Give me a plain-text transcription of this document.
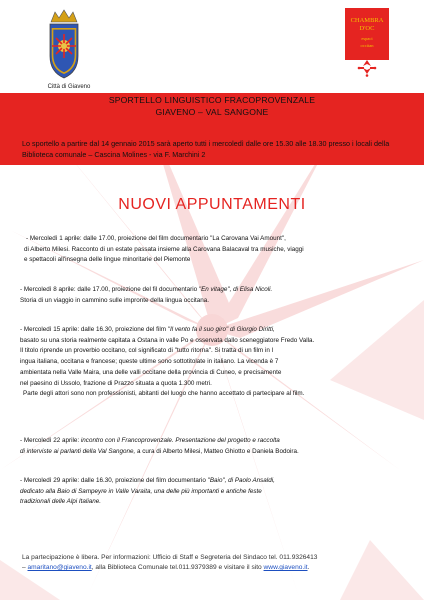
Città di Giaveno
CHAMBRA
D'OC
espaci
occitan
SPORTELLO LINGUISTICO FRACOPROVENZALE
GIAVENO – VAL SANGONE
Lo sportello a partire dal 14 gennaio 2015 sarà aperto tutti i mercoledì dalle ore 15.30 alle 18.30 presso i locali della Biblioteca comunale – Cascina Molines - via F. Marchini 2
NUOVI APPUNTAMENTI

- Mercoledì 1 aprile: dalle 17.00, proiezione del film documentario "La Carovana Vai Amount",

di Alberto Milesi. Racconto di un estate passata insieme alla Carovana Balacaval tra musiche, viaggi

e spettacoli all'insegna delle lingue minoritarie del Piemonte

- Mercoledì 8 aprile: dalle 17.00, proiezione del fil documentario "En vitage", di Elisa Nicoli.

Storia di un viaggio in cammino sulle impronte della lingua occitana.

- Mercoledì 15 aprile: dalle 16.30, proiezione del film "Il vento fa il suo giro" di Giorgio Diritti,

basato su una storia realmente capitata a Ostana in valle Po e osservata dallo sceneggiatore Fredo Valla.

Il titolo riprende un proverbio occitano, col significato di "tutto ritorna". Si tratta di un film in l

ingua italiana, occitana e francese; queste ultime sono sottotitolate in italiano. La vicenda è 7

ambientata nella Valle Maira, una delle valli occitane della provincia di Cuneo, e precisamente

nel paesino di Ussolo, frazione di Prazzo situata a quota 1.300 metri.

Parte degli attori sono non professionisti, abitanti del luogo che hanno accettato di partecipare al film.

- Mercoledì 22 aprile: incontro con il Francoprovenzale. Presentazione del progetto e raccolta

di interviste ai parlanti della Val Sangone, a cura di Alberto Milesi, Matteo Ghiotto e Daniela Bodoira.

- Mercoledì 29 aprile: dalle 16.30, proiezione del film documentario "Baio", di Paolo Ansaldi,

dedicato alla Baio di Sampeyre in Valle Varaita, una delle più importanti e antiche feste

tradizionali delle Alpi Italiane.

La partecipazione è libera. Per informazioni: Ufficio di Staff e Segreteria del Sindaco tel. 011.9326413

– amaritano@giaveno.it, alla Biblioteca Comunale tel.011.9379389 e visitare il sito www.giaveno.it.
